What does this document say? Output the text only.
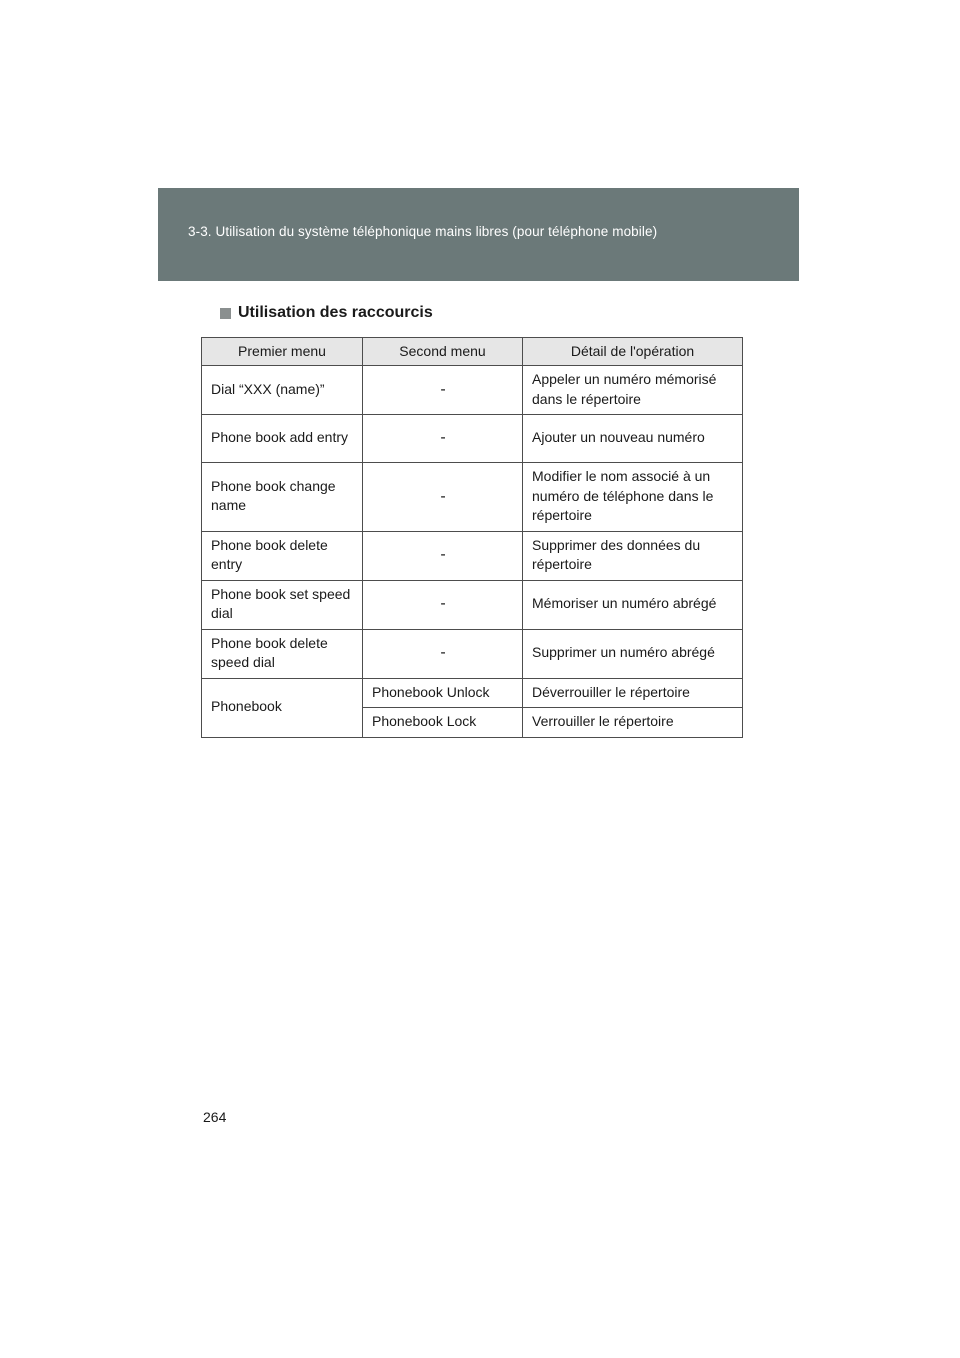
3-3. Utilisation du système téléphonique mains libres (pour téléphone mobile)
Utilisation des raccourcis
Premier menu	Second menu	Détail de l'opération
Dial “XXX (name)”	-	Appeler un numéro mémorisé dans le répertoire
Phone book add entry	-	Ajouter un nouveau numéro
Phone book change name	-	Modifier le nom associé à un numéro de téléphone dans le répertoire
Phone book delete entry	-	Supprimer des données du répertoire
Phone book set speed dial	-	Mémoriser un numéro abrégé
Phone book delete speed dial	-	Supprimer un numéro abrégé
Phonebook	Phonebook Unlock	Déverrouiller le répertoire
	Phonebook Lock	Verrouiller le répertoire
264
